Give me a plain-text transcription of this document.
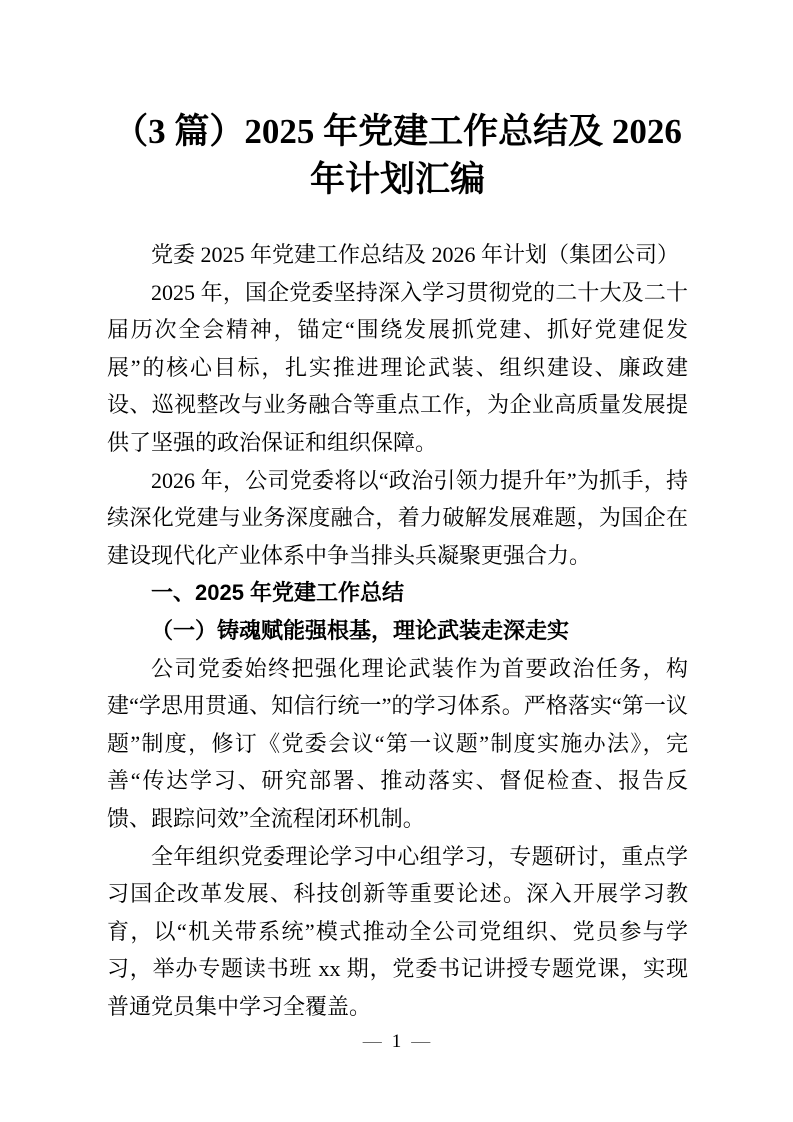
（3 篇）2025 年党建工作总结及 2026 年计划汇编

党委 2025 年党建工作总结及 2026 年计划（集团公司）

2025 年，国企党委坚持深入学习贯彻党的二十大及二十届历次全会精神，锚定“围绕发展抓党建、抓好党建促发展”的核心目标，扎实推进理论武装、组织建设、廉政建设、巡视整改与业务融合等重点工作，为企业高质量发展提供了坚强的政治保证和组织保障。

2026 年，公司党委将以“政治引领力提升年”为抓手，持续深化党建与业务深度融合，着力破解发展难题，为国企在建设现代化产业体系中争当排头兵凝聚更强合力。

一、2025 年党建工作总结

（一）铸魂赋能强根基，理论武装走深走实

公司党委始终把强化理论武装作为首要政治任务，构建“学思用贯通、知信行统一”的学习体系。严格落实“第一议题”制度，修订《党委会议“第一议题”制度实施办法》，完善“传达学习、研究部署、推动落实、督促检查、报告反馈、跟踪问效”全流程闭环机制。

全年组织党委理论学习中心组学习，专题研讨，重点学习国企改革发展、科技创新等重要论述。深入开展学习教育，以“机关带系统”模式推动全公司党组织、党员参与学习，举办专题读书班 xx 期，党委书记讲授专题党课，实现普通党员集中学习全覆盖。

— 1 —
